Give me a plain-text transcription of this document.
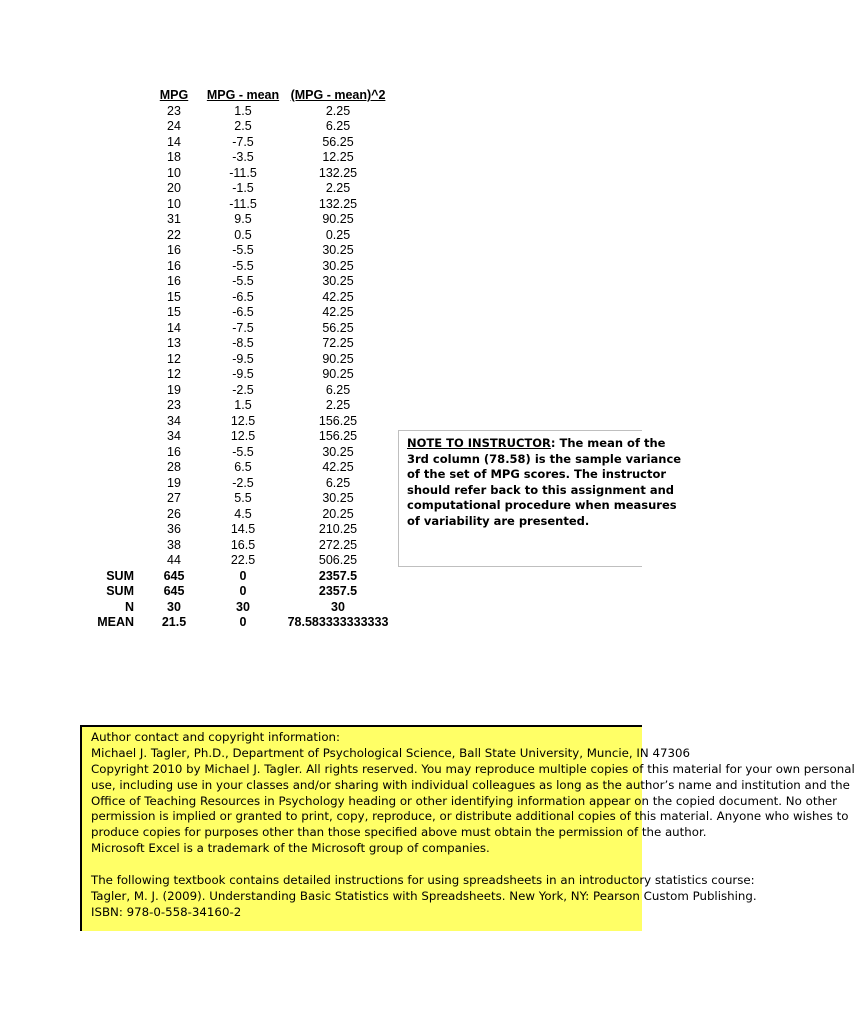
	MPG	MPG - mean	(MPG - mean)^2
	23	1.5	2.25
	24	2.5	6.25
	14	-7.5	56.25
	18	-3.5	12.25
	10	-11.5	132.25
	20	-1.5	2.25
	10	-11.5	132.25
	31	9.5	90.25
	22	0.5	0.25
	16	-5.5	30.25
	16	-5.5	30.25
	16	-5.5	30.25
	15	-6.5	42.25
	15	-6.5	42.25
	14	-7.5	56.25
	13	-8.5	72.25
	12	-9.5	90.25
	12	-9.5	90.25
	19	-2.5	6.25
	23	1.5	2.25
	34	12.5	156.25
	34	12.5	156.25
	16	-5.5	30.25
	28	6.5	42.25
	19	-2.5	6.25
	27	5.5	30.25
	26	4.5	20.25
	36	14.5	210.25
	38	16.5	272.25
	44	22.5	506.25
SUM	645	0	2357.5
SUM	645	0	2357.5
N	30	30	30
MEAN	21.5	0	78.583333333333
NOTE TO INSTRUCTOR: The mean of the
3rd column (78.58) is the sample variance
of the set of MPG scores. The instructor
should refer back to this assignment and
computational procedure when measures
of variability are presented.
Author contact and copyright information:
Michael J. Tagler, Ph.D., Department of Psychological Science, Ball State University, Muncie, IN 47306
Copyright 2010 by Michael J. Tagler. All rights reserved. You may reproduce multiple copies of this material for your own personal
use, including use in your classes and/or sharing with individual colleagues as long as the author’s name and institution and the
Office of Teaching Resources in Psychology heading or other identifying information appear on the copied document. No other
permission is implied or granted to print, copy, reproduce, or distribute additional copies of this material. Anyone who wishes to
produce copies for purposes other than those specified above must obtain the permission of the author.
Microsoft Excel is a trademark of the Microsoft group of companies.
The following textbook contains detailed instructions for using spreadsheets in an introductory statistics course:
Tagler, M. J. (2009). Understanding Basic Statistics with Spreadsheets. New York, NY: Pearson Custom Publishing.
ISBN: 978-0-558-34160-2
